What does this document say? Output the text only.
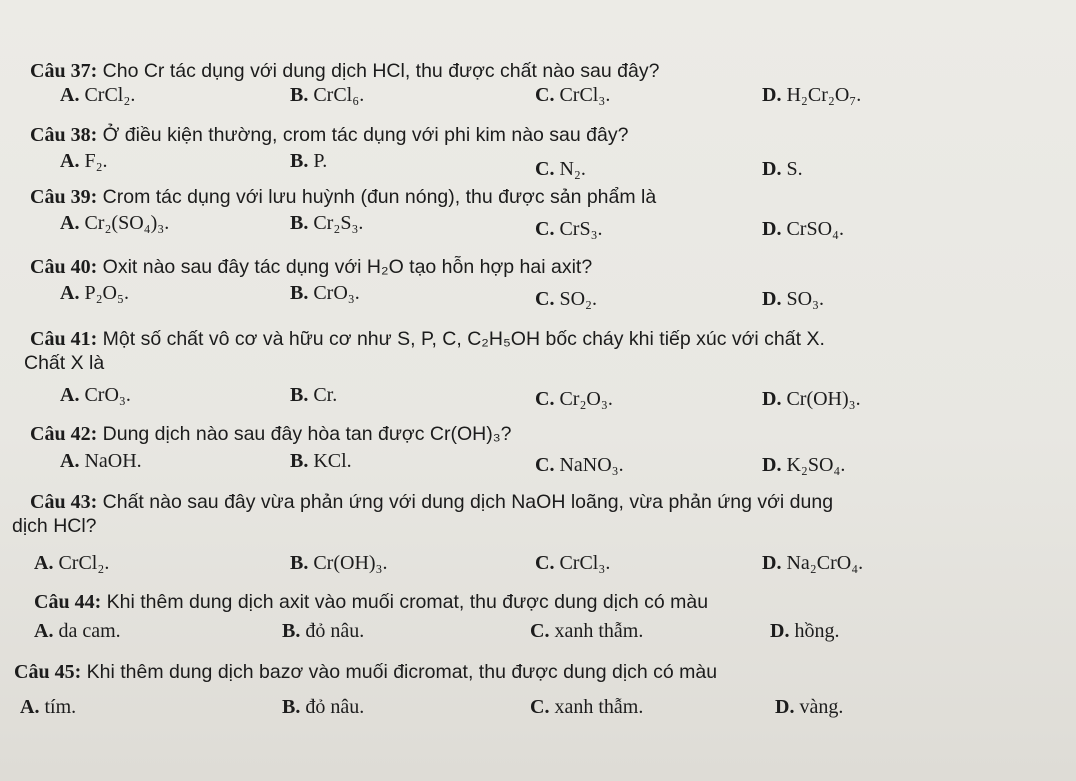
Câu 37: Cho Cr tác dụng với dung dịch HCl, thu được chất nào sau đây?
A. CrCl₂.	B. CrCl₆.	C. CrCl₃.	D. H₂Cr₂O₇.
Câu 38: Ở điều kiện thường, crom tác dụng với phi kim nào sau đây?
A. F₂.	B. P.	C. N₂.	D. S.
Câu 39: Crom tác dụng với lưu huỳnh (đun nóng), thu được sản phẩm là
A. Cr₂(SO₄)₃.	B. Cr₂S₃.	C. CrS₃.	D. CrSO₄.
Câu 40: Oxit nào sau đây tác dụng với H₂O tạo hỗn hợp hai axit?
A. P₂O₅.	B. CrO₃.	C. SO₂.	D. SO₃.
Câu 41: Một số chất vô cơ và hữu cơ như S, P, C, C₂H₅OH bốc cháy khi tiếp xúc với chất X.
Chất X là
A. CrO₃.	B. Cr.	C. Cr₂O₃.	D. Cr(OH)₃.
Câu 42: Dung dịch nào sau đây hòa tan được Cr(OH)₃?
A. NaOH.	B. KCl.	C. NaNO₃.	D. K₂SO₄.
Câu 43: Chất nào sau đây vừa phản ứng với dung dịch NaOH loãng, vừa phản ứng với dung
dịch HCl?
A. CrCl₂.	B. Cr(OH)₃.	C. CrCl₃.	D. Na₂CrO₄.
Câu 44: Khi thêm dung dịch axit vào muối cromat, thu được dung dịch có màu
A. da cam.	B. đỏ nâu.	C. xanh thẫm.	D. hồng.
Câu 45: Khi thêm dung dịch bazơ vào muối đicromat, thu được dung dịch có màu
A. tím.	B. đỏ nâu.	C. xanh thẫm.	D. vàng.
